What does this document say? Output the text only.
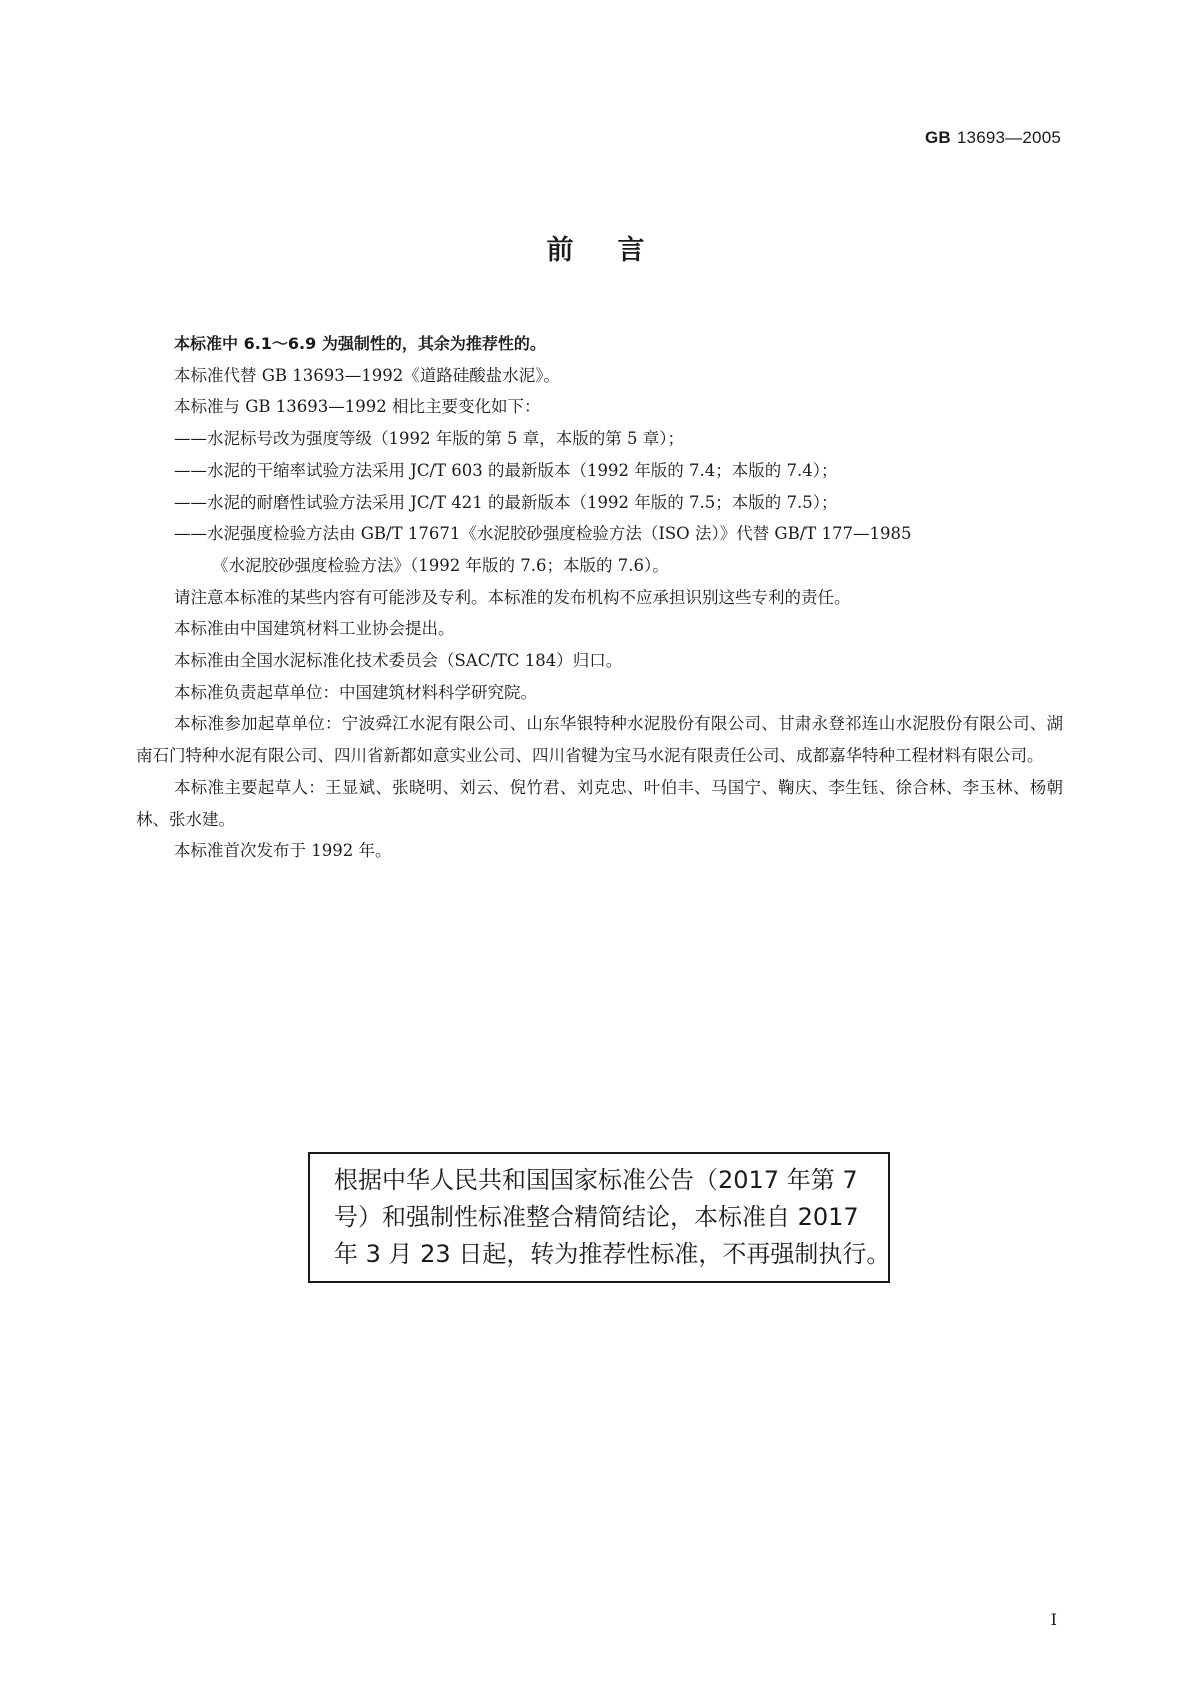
GB 13693—2005
前言

本标准中 6.1～6.9 为强制性的，其余为推荐性的。

本标准代替 GB 13693—1992《道路硅酸盐水泥》。

本标准与 GB 13693—1992 相比主要变化如下：

——水泥标号改为强度等级（1992 年版的第 5 章，本版的第 5 章）；

——水泥的干缩率试验方法采用 JC/T 603 的最新版本（1992 年版的 7.4；本版的 7.4）；

——水泥的耐磨性试验方法采用 JC/T 421 的最新版本（1992 年版的 7.5；本版的 7.5）；

——水泥强度检验方法由 GB/T 17671《水泥胶砂强度检验方法（ISO 法）》代替 GB/T 177—1985

《水泥胶砂强度检验方法》（1992 年版的 7.6；本版的 7.6）。

请注意本标准的某些内容有可能涉及专利。本标准的发布机构不应承担识别这些专利的责任。

本标准由中国建筑材料工业协会提出。

本标准由全国水泥标准化技术委员会（SAC/TC 184）归口。

本标准负责起草单位：中国建筑材料科学研究院。

本标准参加起草单位：宁波舜江水泥有限公司、山东华银特种水泥股份有限公司、甘肃永登祁连山水泥股份有限公司、湖南石门特种水泥有限公司、四川省新都如意实业公司、四川省犍为宝马水泥有限责任公司、成都嘉华特种工程材料有限公司。

本标准主要起草人：王显斌、张晓明、刘云、倪竹君、刘克忠、叶伯丰、马国宁、鞠庆、李生钰、徐合林、李玉林、杨朝林、张水建。

本标准首次发布于 1992 年。

根据中华人民共和国国家标准公告（2017 年第 7
号）和强制性标准整合精简结论，本标准自 2017
年 3 月 23 日起，转为推荐性标准，不再强制执行。
I
